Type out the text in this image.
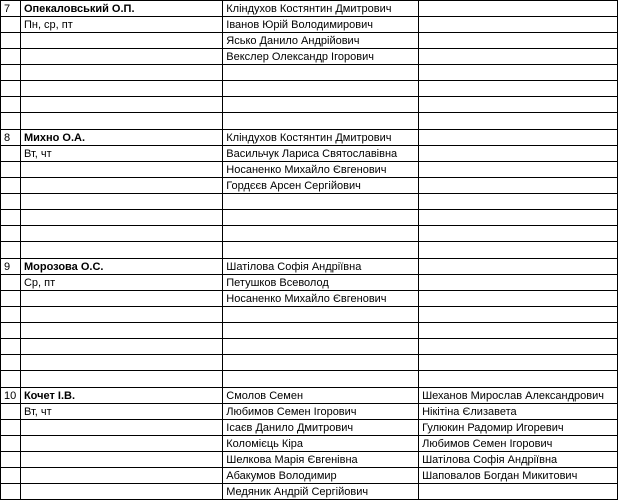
7	Опекаловський О.П.	Кліндухов Костянтин Дмитрович	
	Пн, ср, пт	Іванов Юрій Володимирович	
		Ясько Данило Андрійович	
		Векслер Олександр Ігорович	

8	Михно О.А.	Кліндухов Костянтин Дмитрович	
	Вт, чт	Васильчук Лариса Святославівна	
		Носаненко Михайло Євгенович	
		Гордєєв Арсен Сергійович	

9	Морозова О.С.	Шатілова Софія Андріївна	
	Ср, пт	Петушков Всеволод	
		Носаненко Михайло Євгенович	

10	Кочет І.В.	Смолов Семен	Шеханов Мирослав Александрович
	Вт, чт	Любимов Семен Ігорович	Нікітіна Єлизавета
		Ісаєв Данило Дмитрович	Гулюкин Радомир Игоревич
		Коломієць Кіра	Любимов Семен Ігорович
		Шелкова Марія Євгенівна	Шатілова Софія Андріївна
		Абакумов Володимир	Шаповалов Богдан Микитович
		Медяник Андрій Сергійович	
